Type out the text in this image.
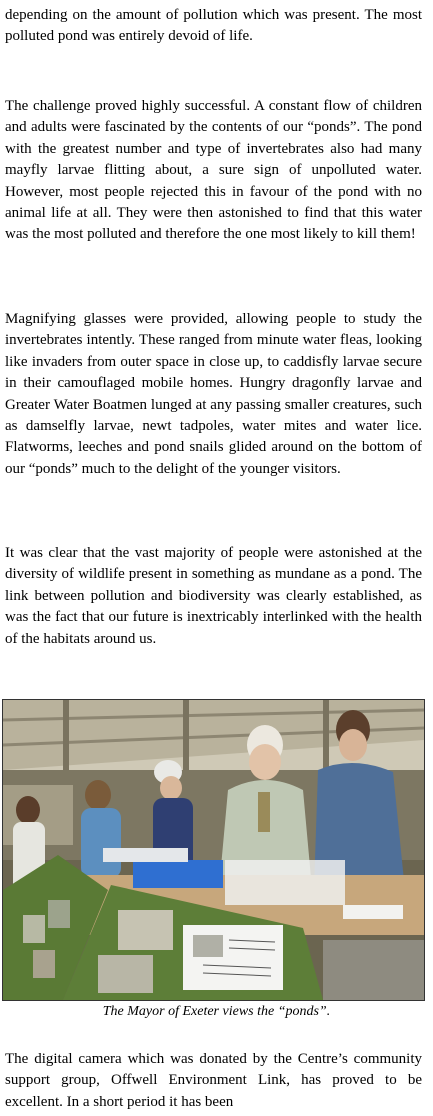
depending on the amount of pollution which was present. The most polluted pond was entirely devoid of life.

The challenge proved highly successful. A constant flow of children and adults were fascinated by the contents of our “ponds”. The pond with the greatest number and type of invertebrates also had many mayfly larvae flitting about, a sure sign of unpolluted water. However, most people rejected this in favour of the pond with no animal life at all. They were then astonished to find that this water was the most polluted and therefore the one most likely to kill them!

Magnifying glasses were provided, allowing people to study the invertebrates intently. These ranged from minute water fleas, looking like invaders from outer space in close up, to caddisfly larvae secure in their camouflaged mobile homes. Hungry dragonfly larvae and Greater Water Boatmen lunged at any passing smaller creatures, such as damselfly larvae, newt tadpoles, water mites and water lice. Flatworms, leeches and pond snails glided around on the bottom of our “ponds” much to the delight of the younger visitors.

It was clear that the vast majority of people were astonished at the diversity of wildlife present in something as mundane as a pond. The link between pollution and biodiversity was clearly established, as was the fact that our future is inextricably interlinked with the health of the habitats around us.

The Mayor of Exeter views the “ponds”.

The digital camera which was donated by the Centre’s community support group, Offwell Environment Link, has proved to be excellent. In a short period it has been
